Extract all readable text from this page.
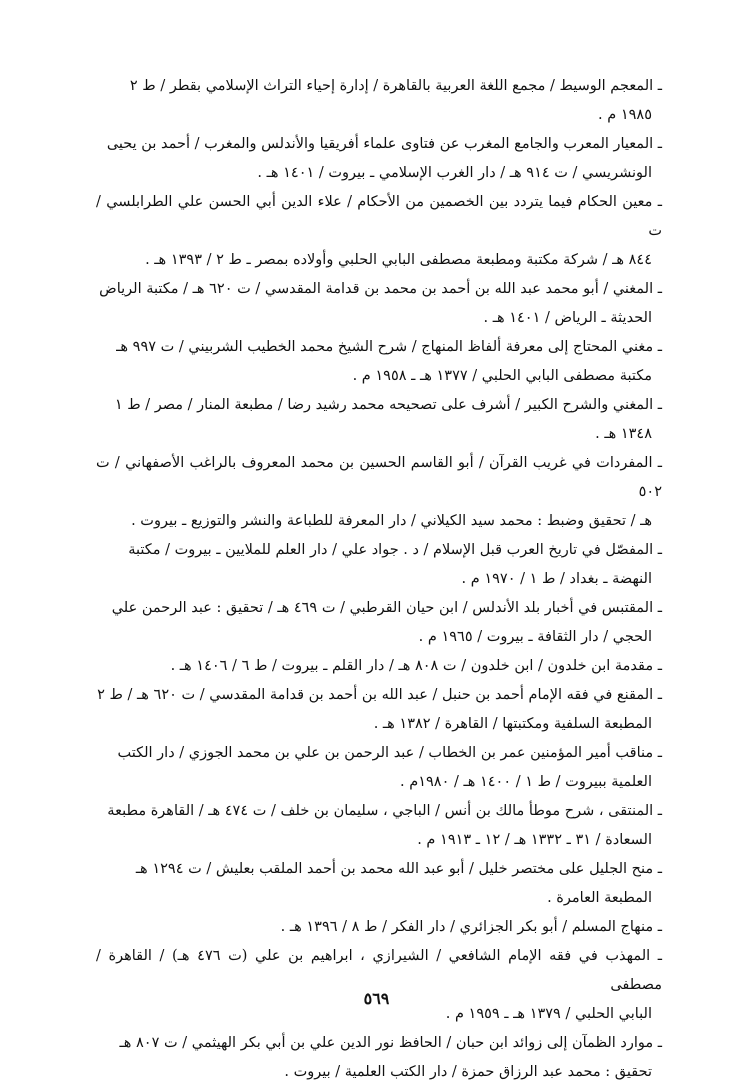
ـ المعجم الوسيط / مجمع اللغة العربية بالقاهرة / إدارة إحياء التراث الإسلامي بقطر / ط ٢
١٩٨٥ م .
ـ المعيار المعرب والجامع المغرب عن فتاوى علماء أفريقيا والأندلس والمغرب / أحمد بن يحيى
الونشريسي / ت ٩١٤ هـ / دار الغرب الإسلامي ـ بيروت / ١٤٠١ هـ .
ـ معين الحكام فيما يتردد بين الخصمين من الأحكام / علاء الدين أبي الحسن علي الطرابلسي / ت
٨٤٤ هـ / شركة مكتبة ومطبعة مصطفى البابي الحلبي وأولاده بمصر ـ ط ٢ / ١٣٩٣ هـ .
ـ المغني / أبو محمد عبد الله بن أحمد بن محمد بن قدامة المقدسي / ت ٦٢٠ هـ / مكتبة الرياض
الحديثة ـ الرياض / ١٤٠١ هـ .
ـ مغني المحتاج إلى معرفة ألفاظ المنهاج / شرح الشيخ محمد الخطيب الشربيني / ت ٩٩٧ هـ
مكتبة مصطفى البابي الحلبي / ١٣٧٧ هـ ـ ١٩٥٨ م .
ـ المغني والشرح الكبير / أشرف على تصحيحه محمد رشيد رضا / مطبعة المنار / مصر / ط ١
١٣٤٨ هـ .
ـ المفردات في غريب القرآن / أبو القاسم الحسين بن محمد المعروف بالراغب الأصفهاني / ت ٥٠٢
هـ / تحقيق وضبط : محمد سيد الكيلاني / دار المعرفة للطباعة والنشر والتوزيع ـ بيروت .
ـ المفصّل في تاريخ العرب قبل الإسلام / د . جواد علي / دار العلم للملايين ـ بيروت / مكتبة
النهضة ـ بغداد / ط ١ / ١٩٧٠ م .
ـ المقتبس في أخبار بلد الأندلس / ابن حيان القرطبي / ت ٤٦٩ هـ / تحقيق : عبد الرحمن علي
الحجي / دار الثقافة ـ بيروت / ١٩٦٥ م .
ـ مقدمة ابن خلدون / ابن خلدون / ت ٨٠٨ هـ / دار القلم ـ بيروت / ط ٦ / ١٤٠٦ هـ .
ـ المقنع في فقه الإمام أحمد بن حنبل / عبد الله بن أحمد بن قدامة المقدسي / ت ٦٢٠ هـ / ط ٢
المطبعة السلفية ومكتبتها / القاهرة / ١٣٨٢ هـ .
ـ مناقب أمير المؤمنين عمر بن الخطاب / عبد الرحمن بن علي بن محمد الجوزي / دار الكتب
العلمية ببيروت / ط ١ / ١٤٠٠ هـ / ١٩٨٠م .
ـ المنتقى ، شرح موطأ مالك بن أنس / الباجي ، سليمان بن خلف / ت ٤٧٤ هـ / القاهرة مطبعة
السعادة / ٣١ ـ ١٣٣٢ هـ / ١٢ ـ ١٩١٣ م .
ـ منح الجليل على مختصر خليل / أبو عبد الله محمد بن أحمد الملقب بعليش / ت ١٢٩٤ هـ
المطبعة العامرة .
ـ منهاج المسلم / أبو بكر الجزائري / دار الفكر / ط ٨ / ١٣٩٦ هـ .
ـ المهذب في فقه الإمام الشافعي / الشيرازي ، ابراهيم بن علي (ت ٤٧٦ هـ) / القاهرة / مصطفى
البابي الحلبي / ١٣٧٩ هـ ـ ١٩٥٩ م .
ـ موارد الظمآن إلى زوائد ابن حبان / الحافظ نور الدين علي بن أبي بكر الهيثمي / ت ٨٠٧ هـ
تحقيق : محمد عبد الرزاق حمزة / دار الكتب العلمية / بيروت .
٥٦٩
